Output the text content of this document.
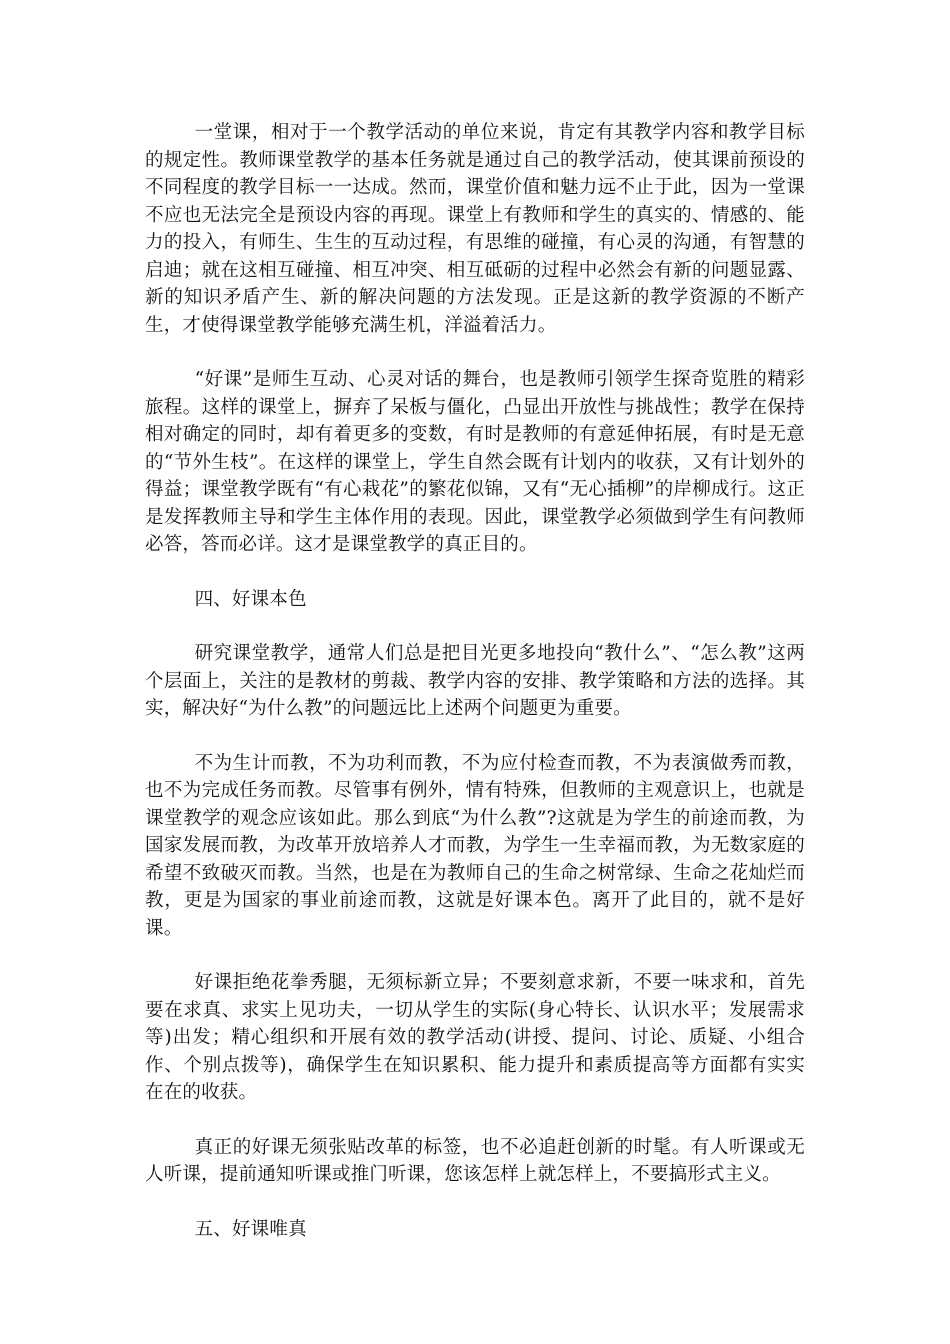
一堂课，相对于一个教学活动的单位来说，肯定有其教学内容和教学目标的规定性。教师课堂教学的基本任务就是通过自己的教学活动，使其课前预设的不同程度的教学目标一一达成。然而，课堂价值和魅力远不止于此，因为一堂课不应也无法完全是预设内容的再现。课堂上有教师和学生的真实的、情感的、能力的投入，有师生、生生的互动过程，有思维的碰撞，有心灵的沟通，有智慧的启迪；就在这相互碰撞、相互冲突、相互砥砺的过程中必然会有新的问题显露、新的知识矛盾产生、新的解决问题的方法发现。正是这新的教学资源的不断产生，才使得课堂教学能够充满生机，洋溢着活力。

“好课”是师生互动、心灵对话的舞台，也是教师引领学生探奇览胜的精彩旅程。这样的课堂上，摒弃了呆板与僵化，凸显出开放性与挑战性；教学在保持相对确定的同时，却有着更多的变数，有时是教师的有意延伸拓展，有时是无意的“节外生枝”。在这样的课堂上，学生自然会既有计划内的收获，又有计划外的得益；课堂教学既有“有心栽花”的繁花似锦，又有“无心插柳”的岸柳成行。这正是发挥教师主导和学生主体作用的表现。因此，课堂教学必须做到学生有问教师必答，答而必详。这才是课堂教学的真正目的。

四、好课本色

研究课堂教学，通常人们总是把目光更多地投向“教什么”、“怎么教”这两个层面上，关注的是教材的剪裁、教学内容的安排、教学策略和方法的选择。其实，解决好“为什么教”的问题远比上述两个问题更为重要。

不为生计而教，不为功利而教，不为应付检查而教，不为表演做秀而教，也不为完成任务而教。尽管事有例外，情有特殊，但教师的主观意识上，也就是课堂教学的观念应该如此。那么到底“为什么教”?这就是为学生的前途而教，为国家发展而教，为改革开放培养人才而教，为学生一生幸福而教，为无数家庭的希望不致破灭而教。当然，也是在为教师自己的生命之树常绿、生命之花灿烂而教，更是为国家的事业前途而教，这就是好课本色。离开了此目的，就不是好课。

好课拒绝花拳秀腿，无须标新立异；不要刻意求新，不要一味求和，首先要在求真、求实上见功夫，一切从学生的实际(身心特长、认识水平；发展需求等)出发；精心组织和开展有效的教学活动(讲授、提问、讨论、质疑、小组合作、个别点拨等)，确保学生在知识累积、能力提升和素质提高等方面都有实实在在的收获。

真正的好课无须张贴改革的标签，也不必追赶创新的时髦。有人听课或无人听课，提前通知听课或推门听课，您该怎样上就怎样上，不要搞形式主义。

五、好课唯真
